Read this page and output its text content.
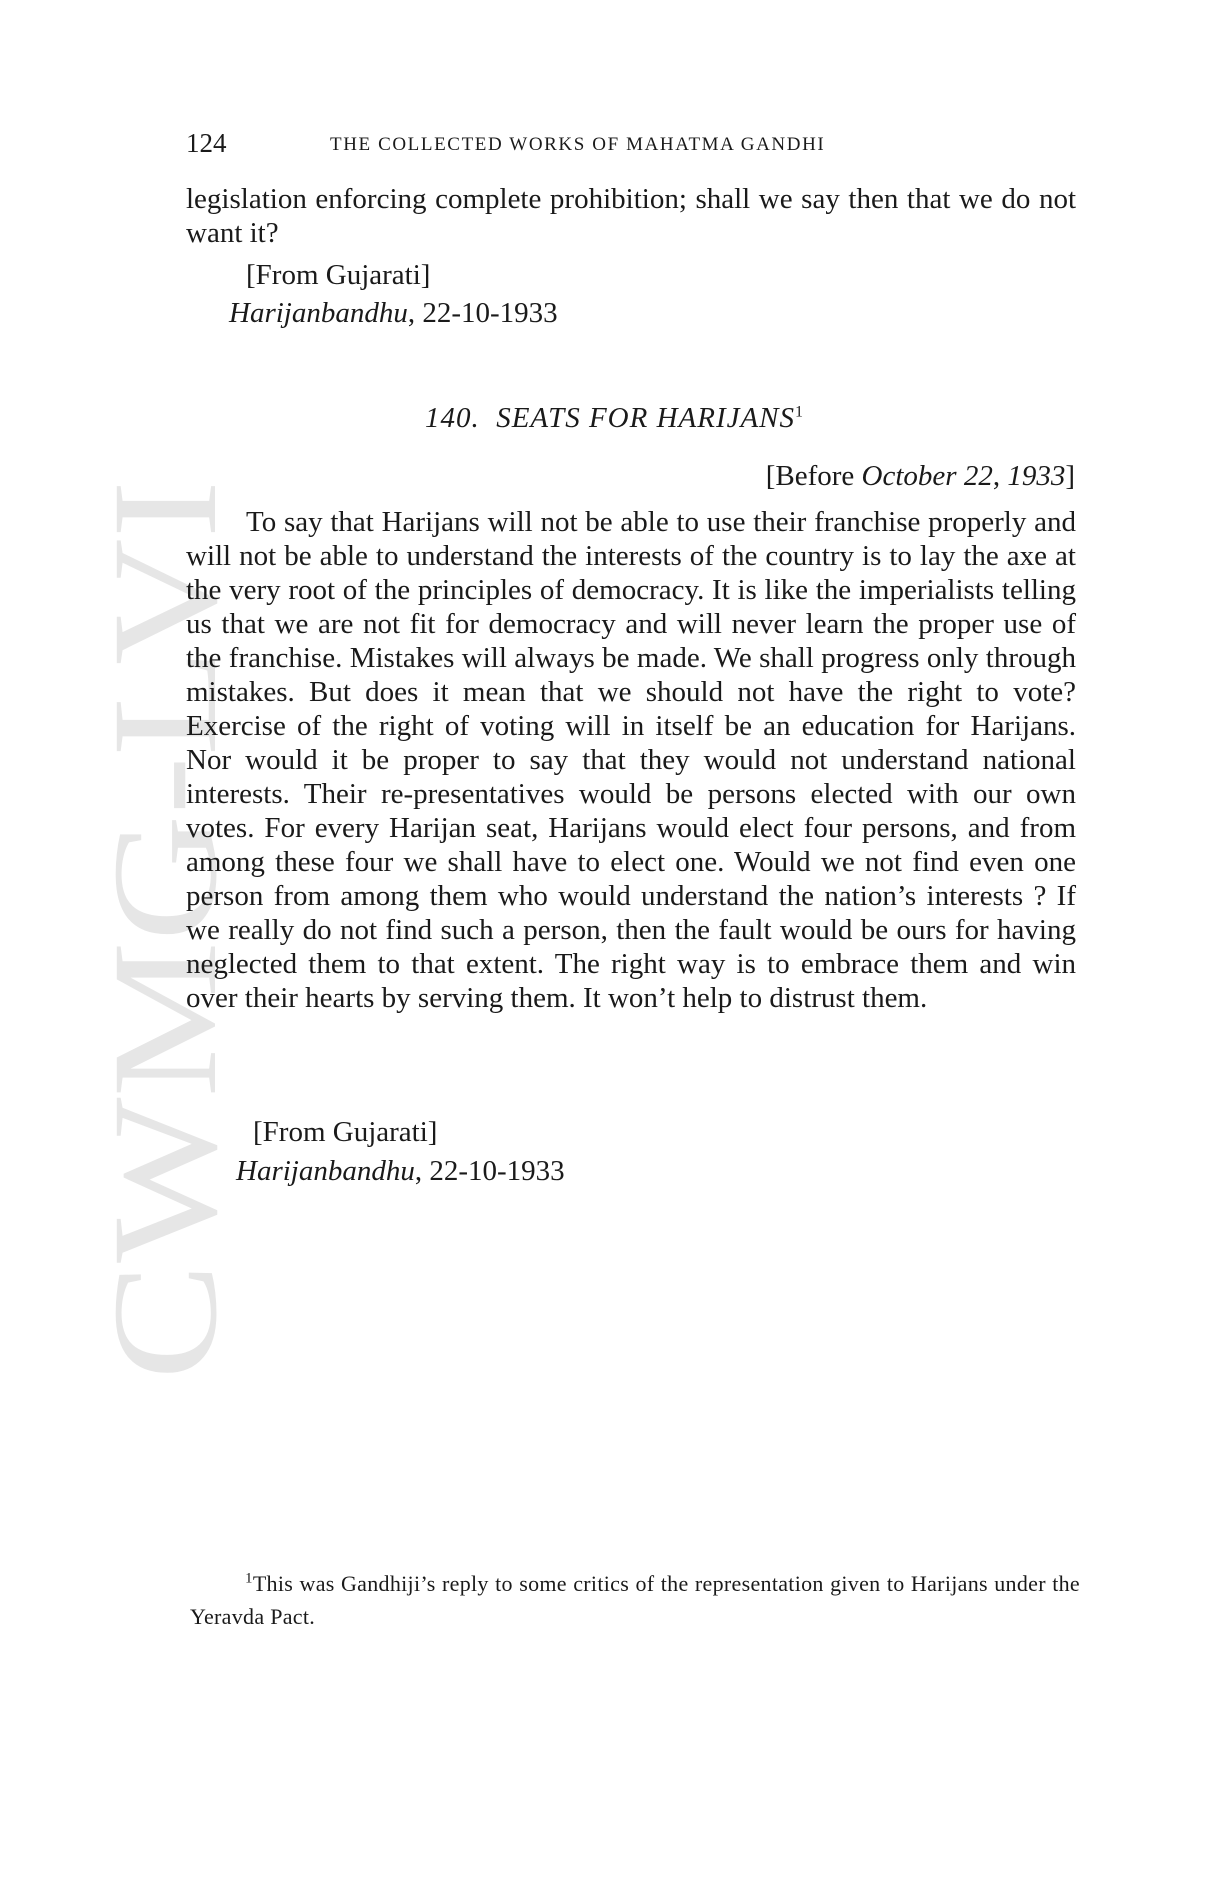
CWMG-LVI
124	THE COLLECTED WORKS OF MAHATMA GANDHI
legislation enforcing complete prohibition; shall we say then that we do not want it?
[From Gujarati]
Harijanbandhu, 22-10-1933
140. SEATS FOR HARIJANS$^1$
[Before October 22, 1933]
To say that Harijans will not be able to use their franchise properly and will not be able to understand the interests of the country is to lay the axe at the very root of the principles of democracy. It is like the imperialists telling us that we are not fit for democracy and will never learn the proper use of the franchise. Mistakes will always be made. We shall progress only through mistakes. But does it mean that we should not have the right to vote? Exercise of the right of voting will in itself be an education for Harijans. Nor would it be proper to say that they would not understand national interests. Their re-presentatives would be persons elected with our own votes. For every Harijan seat, Harijans would elect four persons, and from among these four we shall have to elect one. Would we not find even one person from among them who would understand the nation’s interests ? If we really do not find such a person, then the fault would be ours for having neglected them to that extent. The right way is to embrace them and win over their hearts by serving them. It won’t help to distrust them.
[From Gujarati]
Harijanbandhu, 22-10-1933
$^1$This was Gandhiji’s reply to some critics of the representation given to Harijans under the Yeravda Pact.
